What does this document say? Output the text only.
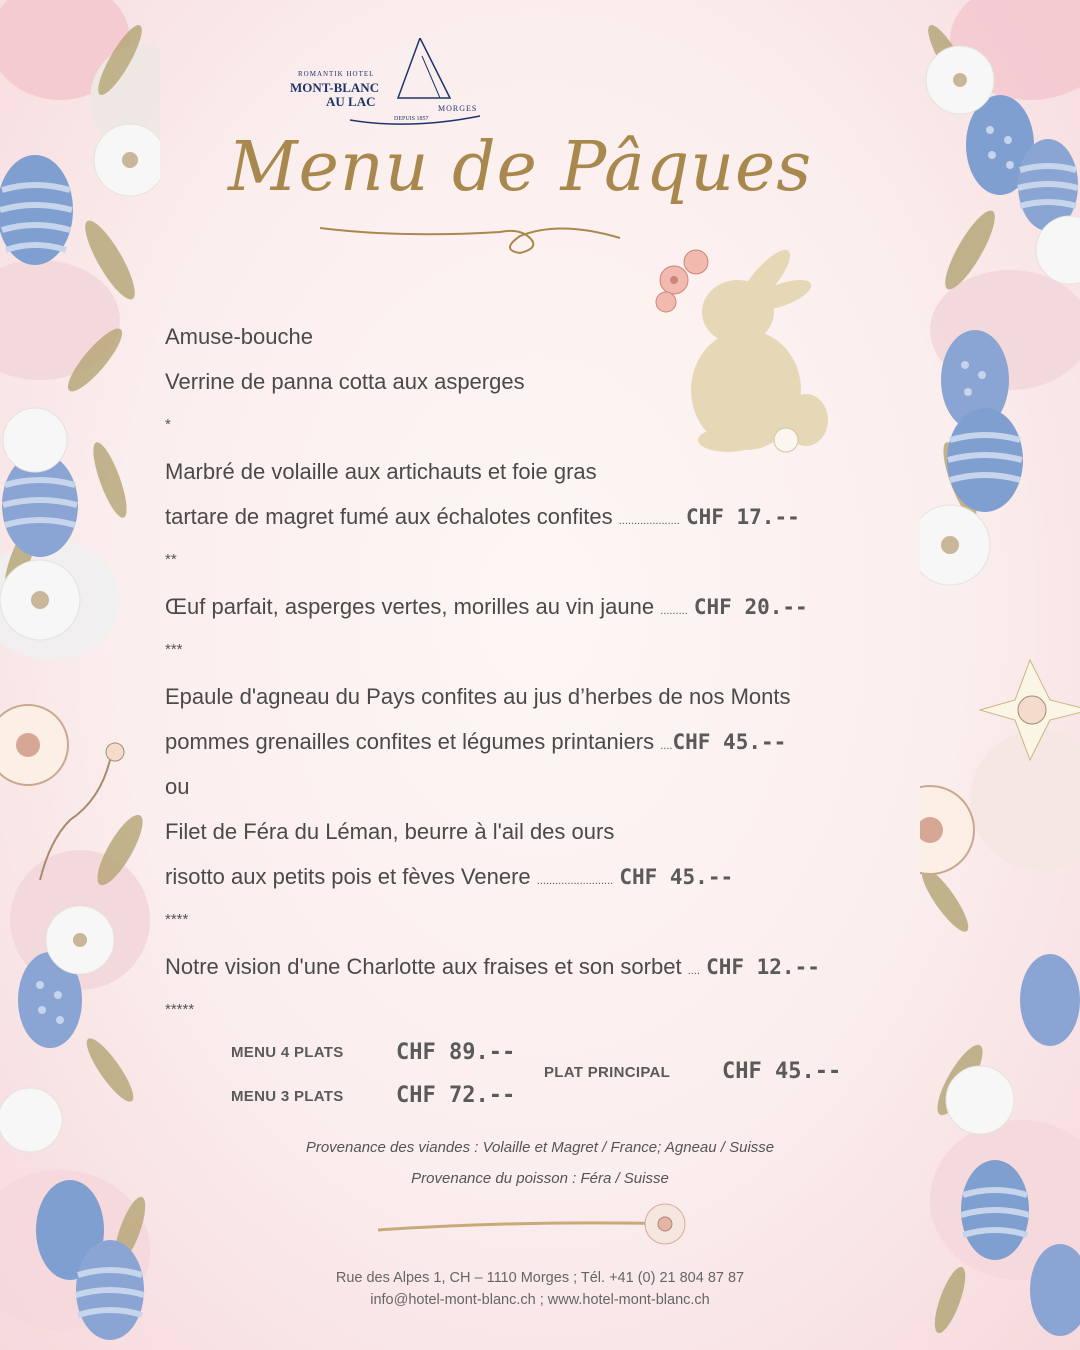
ROMANTIK HOTEL
MONT-BLANC
AU LAC	MORGES
DEPUIS 1857
Menu de Pâques
Amuse-bouche
Verrine de panna cotta aux asperges
*
Marbré de volaille aux artichauts et foie gras
tartare de magret fumé aux échalotes confites .................... CHF 17.--
**
Œuf parfait, asperges vertes, morilles au vin jaune ......... CHF 20.--
***
Epaule d'agneau du Pays confites au jus d’herbes de nos Monts
pommes grenailles confites et légumes printaniers ....CHF 45.--
ou
Filet de Féra du Léman, beurre à l'ail des ours
risotto aux petits pois et fèves Venere ......................... CHF 45.--
****
Notre vision d'une Charlotte aux fraises et son sorbet .... CHF 12.--
*****
MENU 4 PLATS CHF 89.--
MENU 3 PLATS CHF 72.--
PLAT PRINCIPAL CHF 45.--
Provenance des viandes : Volaille et Magret / France; Agneau / Suisse
Provenance du poisson : Féra / Suisse
Rue des Alpes 1, CH – 1110 Morges ; Tél. +41 (0) 21 804 87 87
info@hotel-mont-blanc.ch ; www.hotel-mont-blanc.ch
